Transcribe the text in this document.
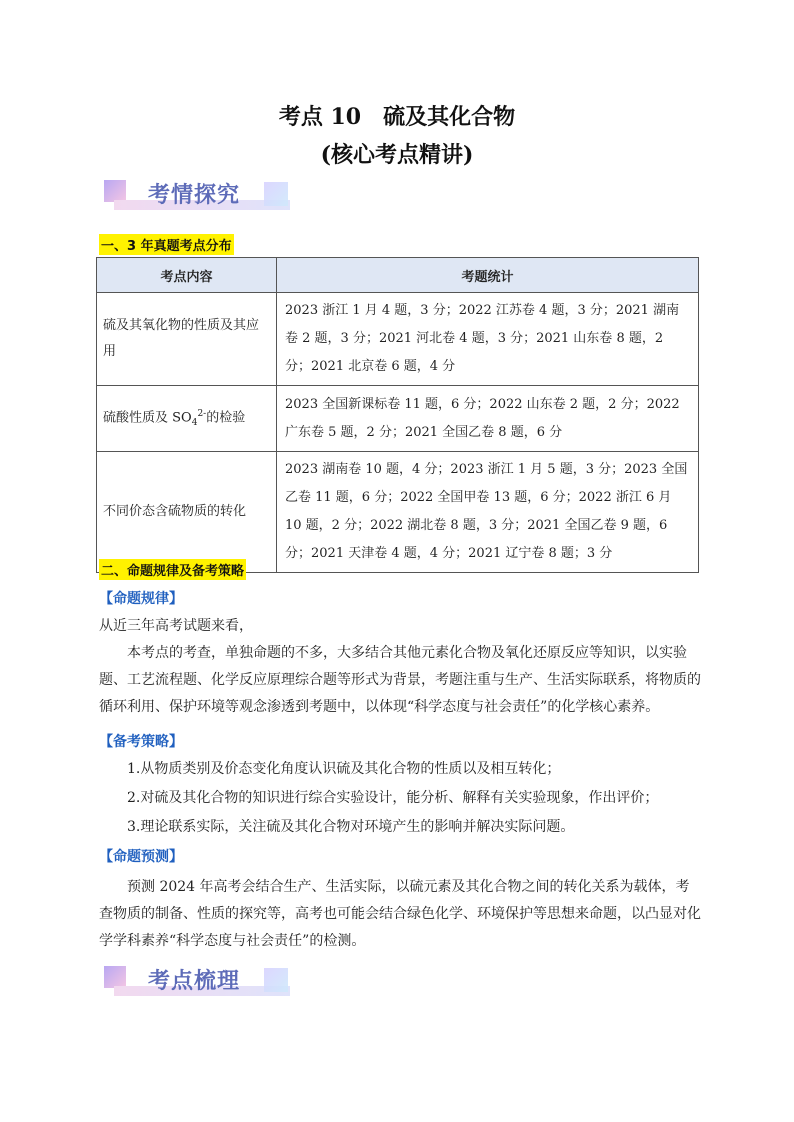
考点 10 硫及其化合物
(核心考点精讲)
考情探究
一、3 年真题考点分布
考点内容	考题统计
硫及其氧化物的性质及其应用	2023 浙江 1 月 4 题，3 分；2022 江苏卷 4 题，3 分；2021 湖南卷 2 题，3 分；2021 河北卷 4 题，3 分；2021 山东卷 8 题，2 分；2021 北京卷 6 题，4 分
硫酸性质及 $SO_4^{2-}$的检验	2023 全国新课标卷 11 题，6 分；2022 山东卷 2 题，2 分；2022 广东卷 5 题，2 分；2021 全国乙卷 8 题，6 分
不同价态含硫物质的转化	2023 湖南卷 10 题，4 分；2023 浙江 1 月 5 题，3 分；2023 全国乙卷 11 题，6 分；2022 全国甲卷 13 题，6 分；2022 浙江 6 月 10 题，2 分；2022 湖北卷 8 题，3 分；2021 全国乙卷 9 题，6 分；2021 天津卷 4 题，4 分；2021 辽宁卷 8 题；3 分
二、命题规律及备考策略
【命题规律】
从近三年高考试题来看，
本考点的考查，单独命题的不多，大多结合其他元素化合物及氧化还原反应等知识，以实验题、工艺流程题、化学反应原理综合题等形式为背景，考题注重与生产、生活实际联系，将物质的循环利用、保护环境等观念渗透到考题中，以体现“科学态度与社会责任”的化学核心素养。
【备考策略】
1.从物质类别及价态变化角度认识硫及其化合物的性质以及相互转化；
2.对硫及其化合物的知识进行综合实验设计，能分析、解释有关实验现象，作出评价；
3.理论联系实际，关注硫及其化合物对环境产生的影响并解决实际问题。
【命题预测】
预测 2024 年高考会结合生产、生活实际，以硫元素及其化合物之间的转化关系为载体，考查物质的制备、性质的探究等，高考也可能会结合绿色化学、环境保护等思想来命题，以凸显对化学学科素养“科学态度与社会责任”的检测。
考点梳理
